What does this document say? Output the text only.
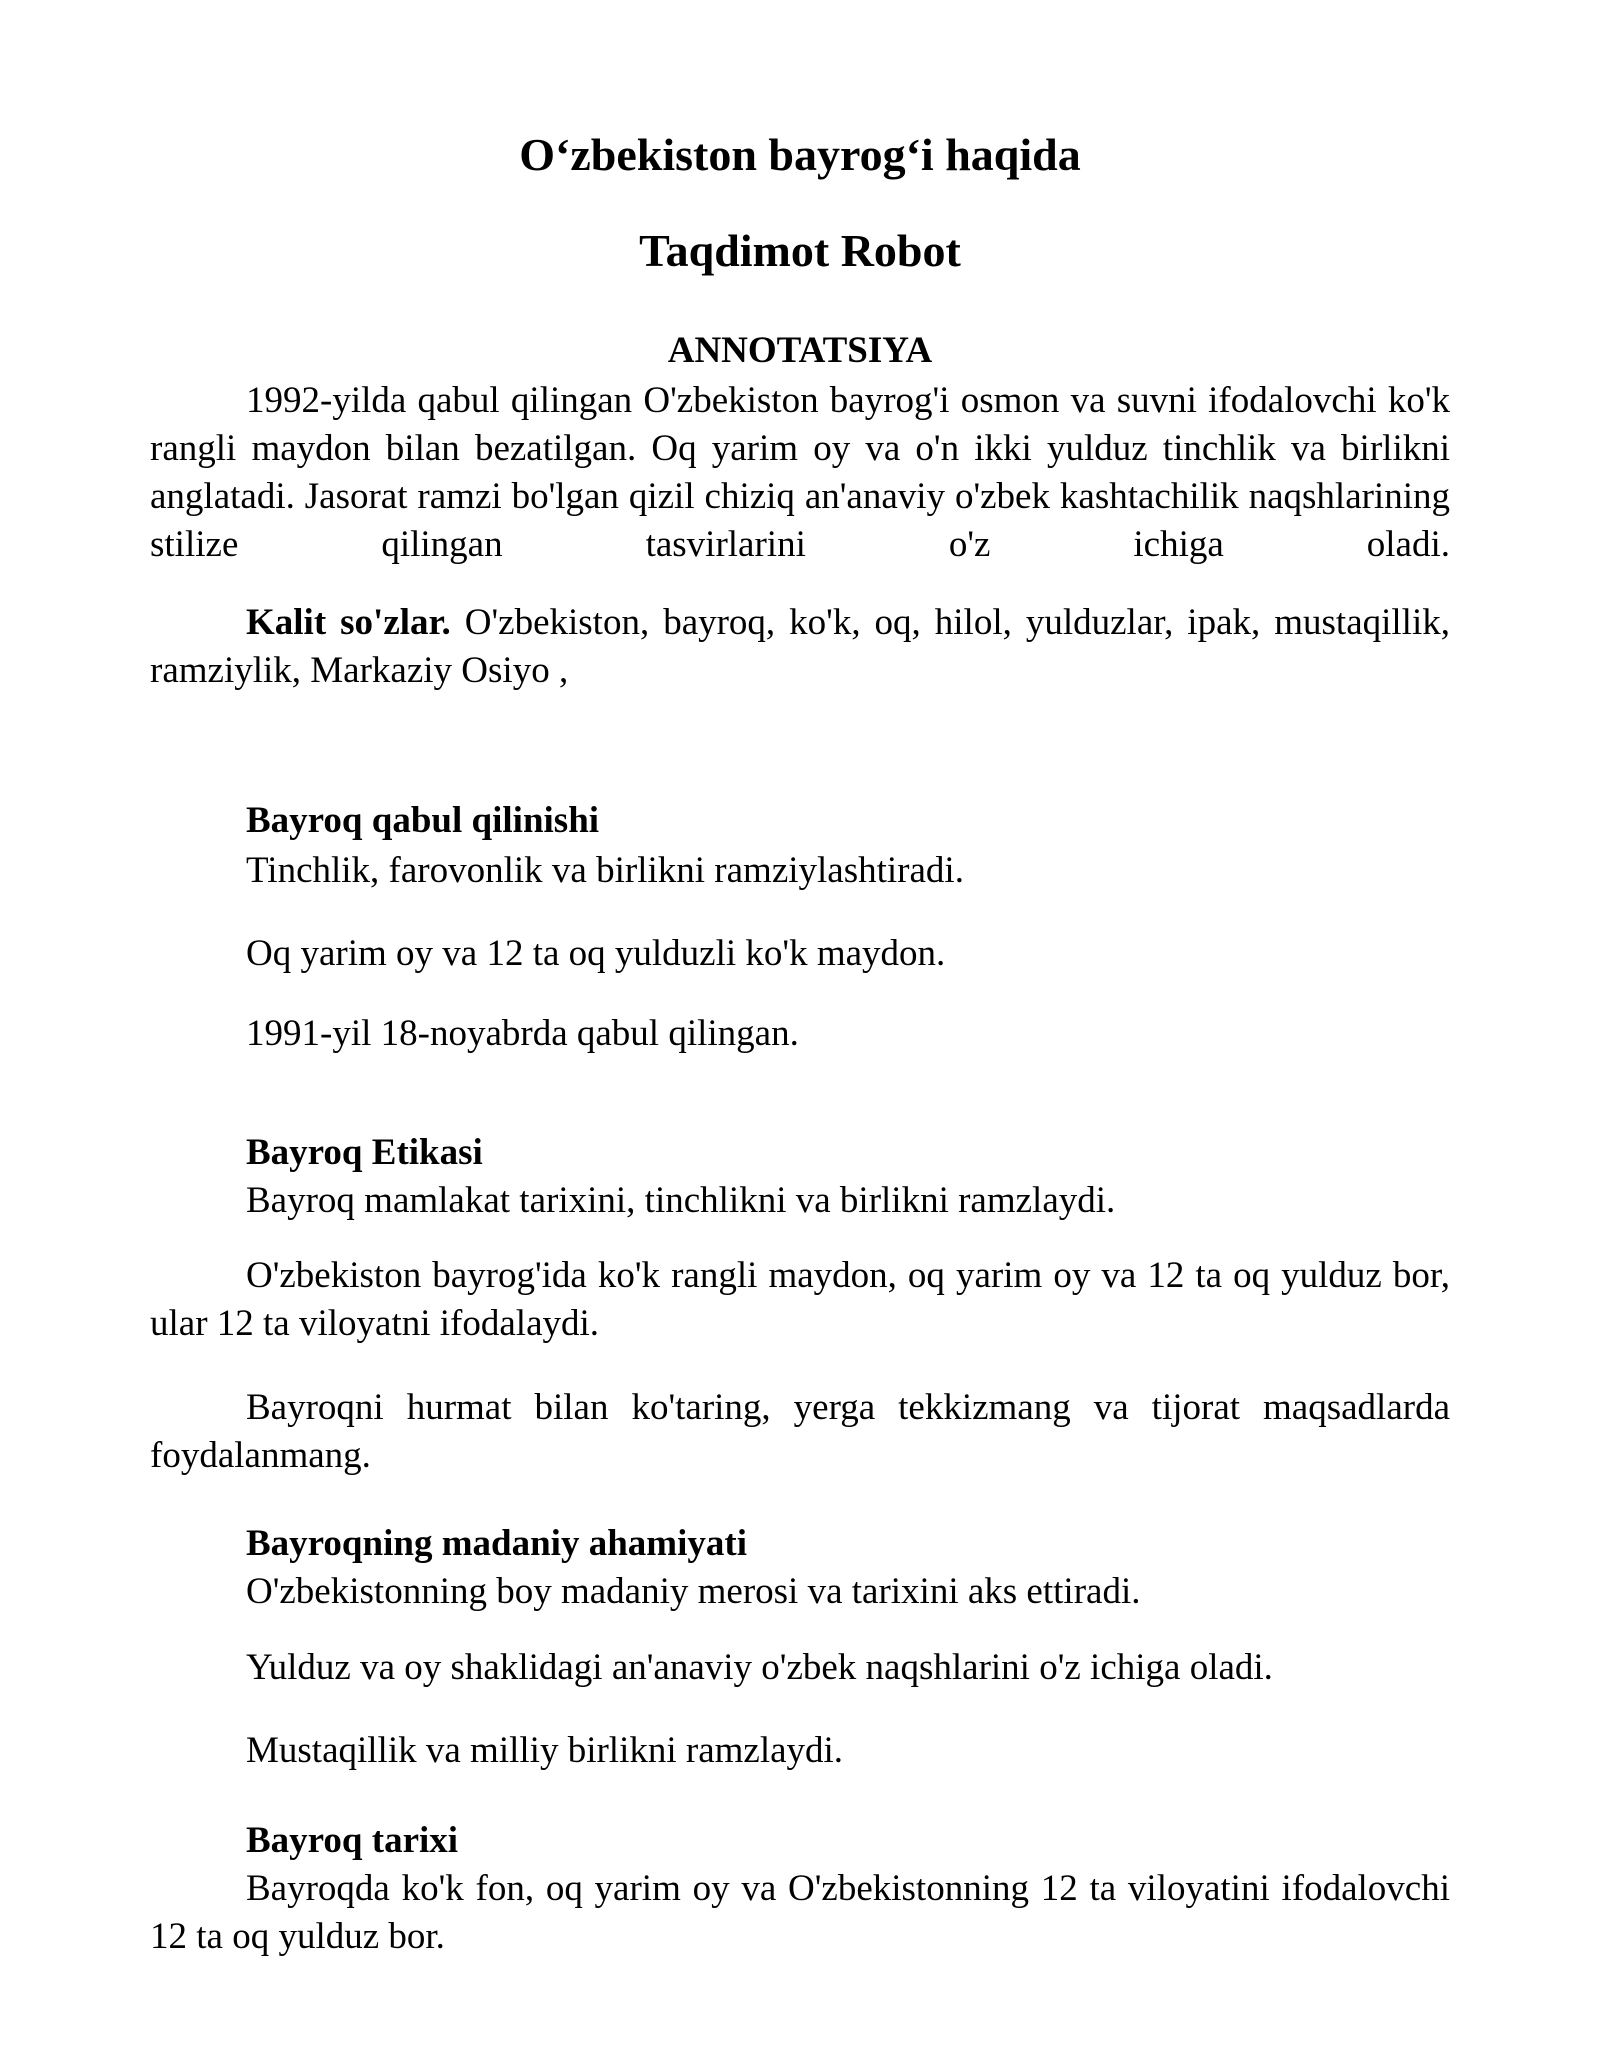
O‘zbekiston bayrog‘i haqida

Taqdimot Robot

ANNOTATSIYA

1992-yilda qabul qilingan O'zbekiston bayrog'i osmon va suvni ifodalovchi ko'k rangli maydon bilan bezatilgan. Oq yarim oy va o'n ikki yulduz tinchlik va birlikni anglatadi. Jasorat ramzi bo'lgan qizil chiziq an'anaviy o'zbek kashtachilik naqshlarining stilize qilingan tasvirlarini o'z ichiga oladi.

Kalit so'zlar. O'zbekiston, bayroq, ko'k, oq, hilol, yulduzlar, ipak, mustaqillik, ramziylik, Markaziy Osiyo ,

Bayroq qabul qilinishi

Tinchlik, farovonlik va birlikni ramziylashtiradi.

Oq yarim oy va 12 ta oq yulduzli ko'k maydon.

1991-yil 18-noyabrda qabul qilingan.

Bayroq Etikasi

Bayroq mamlakat tarixini, tinchlikni va birlikni ramzlaydi.

O'zbekiston bayrog'ida ko'k rangli maydon, oq yarim oy va 12 ta oq yulduz bor, ular 12 ta viloyatni ifodalaydi.

Bayroqni hurmat bilan ko'taring, yerga tekkizmang va tijorat maqsadlarda foydalanmang.

Bayroqning madaniy ahamiyati

O'zbekistonning boy madaniy merosi va tarixini aks ettiradi.

Yulduz va oy shaklidagi an'anaviy o'zbek naqshlarini o'z ichiga oladi.

Mustaqillik va milliy birlikni ramzlaydi.

Bayroq tarixi

Bayroqda ko'k fon, oq yarim oy va O'zbekistonning 12 ta viloyatini ifodalovchi 12 ta oq yulduz bor.
